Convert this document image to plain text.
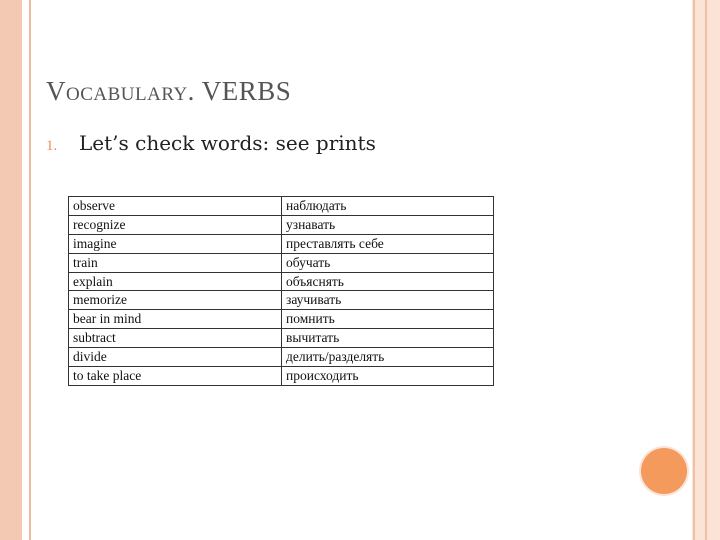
Vocabulary. VERBS
1. Let’s check words: see prints
observe	наблюдать
recognize	узнавать
imagine	преставлять себе
train	обучать
explain	объяснять
memorize	заучивать
bear in mind	помнить
subtract	вычитать
divide	делить/разделять
to take place	происходить
